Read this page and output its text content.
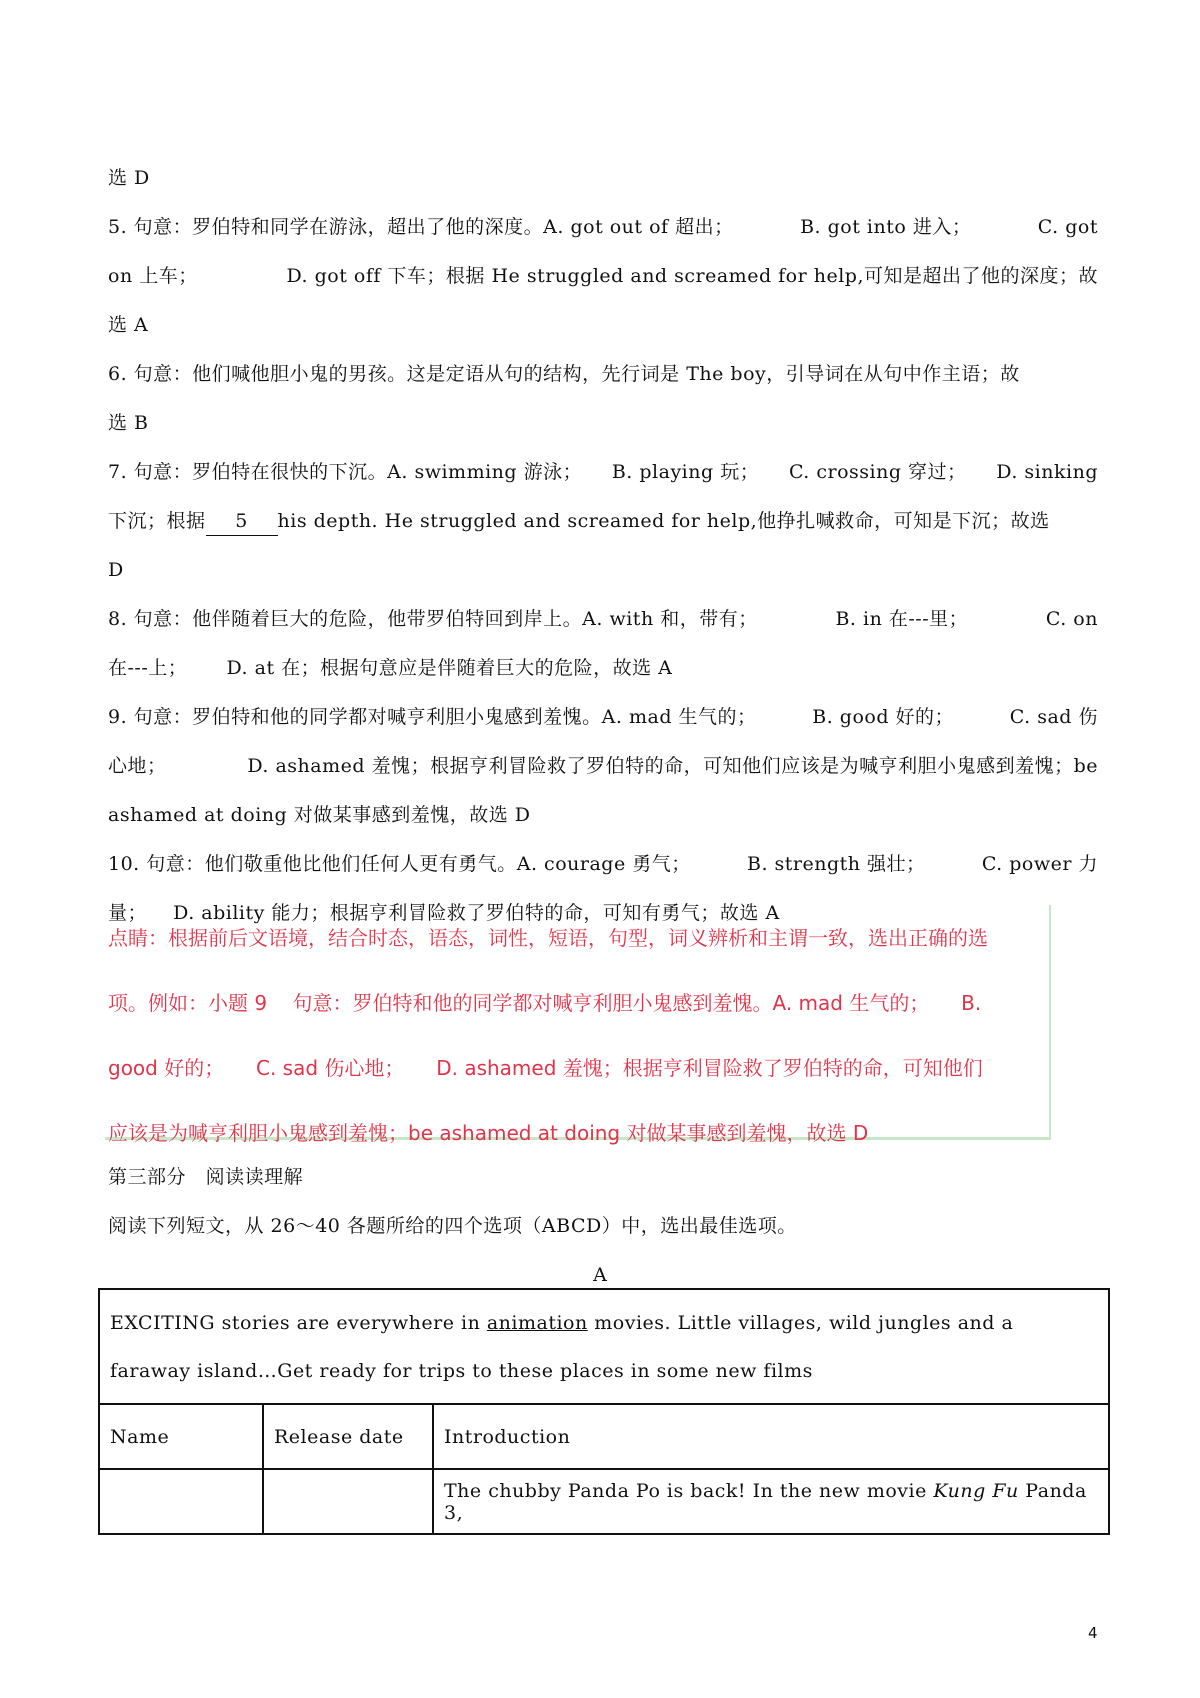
选 D
5. 句意：罗伯特和同学在游泳，超出了他的深度。A. got out of 超出；	B. got into 进入；	C. got
on 上车；	D. got off 下车；根据 He struggled and screamed for help,可知是超出了他的深度；故
选 A
6. 句意：他们喊他胆小鬼的男孩。这是定语从句的结构，先行词是 The boy，引导词在从句中作主语；故
选 B
7. 句意：罗伯特在很快的下沉。A. swimming 游泳； B. playing 玩； C. crossing 穿过； D. sinking
下沉；根据 5 his depth. He struggled and screamed for help,他挣扎喊救命，可知是下沉；故选
D
8. 句意：他伴随着巨大的危险，他带罗伯特回到岸上。A. with 和，带有；	B. in 在---里；	C. on
在---上；      D. at 在；根据句意应是伴随着巨大的危险，故选 A
9. 句意：罗伯特和他的同学都对喊亨利胆小鬼感到羞愧。A. mad 生气的；	B. good 好的；	C. sad 伤
心地；	D. ashamed 羞愧；根据亨利冒险救了罗伯特的命，可知他们应该是为喊亨利胆小鬼感到羞愧；be
ashamed at doing 对做某事感到羞愧，故选 D
10. 句意：他们敬重他比他们任何人更有勇气。A. courage 勇气；	B. strength 强壮；	C. power 力
量；    D. ability 能力；根据亨利冒险救了罗伯特的命，可知有勇气；故选 A
点睛：根据前后文语境，结合时态，语态，词性，短语，句型，词义辨析和主谓一致，选出正确的选
项。例如：小题 9    句意：罗伯特和他的同学都对喊亨利胆小鬼感到羞愧。A. mad 生气的；     B.
good 好的；     C. sad 伤心地；     D. ashamed 羞愧；根据亨利冒险救了罗伯特的命，可知他们
应该是为喊亨利胆小鬼感到羞愧；be ashamed at doing 对做某事感到羞愧，故选 D
第三部分   阅读读理解
阅读下列短文，从 26～40 各题所给的四个选项（ABCD）中，选出最佳选项。
A
EXCITING stories are everywhere in animation movies. Little villages, wild jungles and a faraway island…Get ready for trips to these places in some new films		
Name	Release date	Introduction
		The chubby Panda Po is back! In the new movie Kung Fu Panda 3,
4
